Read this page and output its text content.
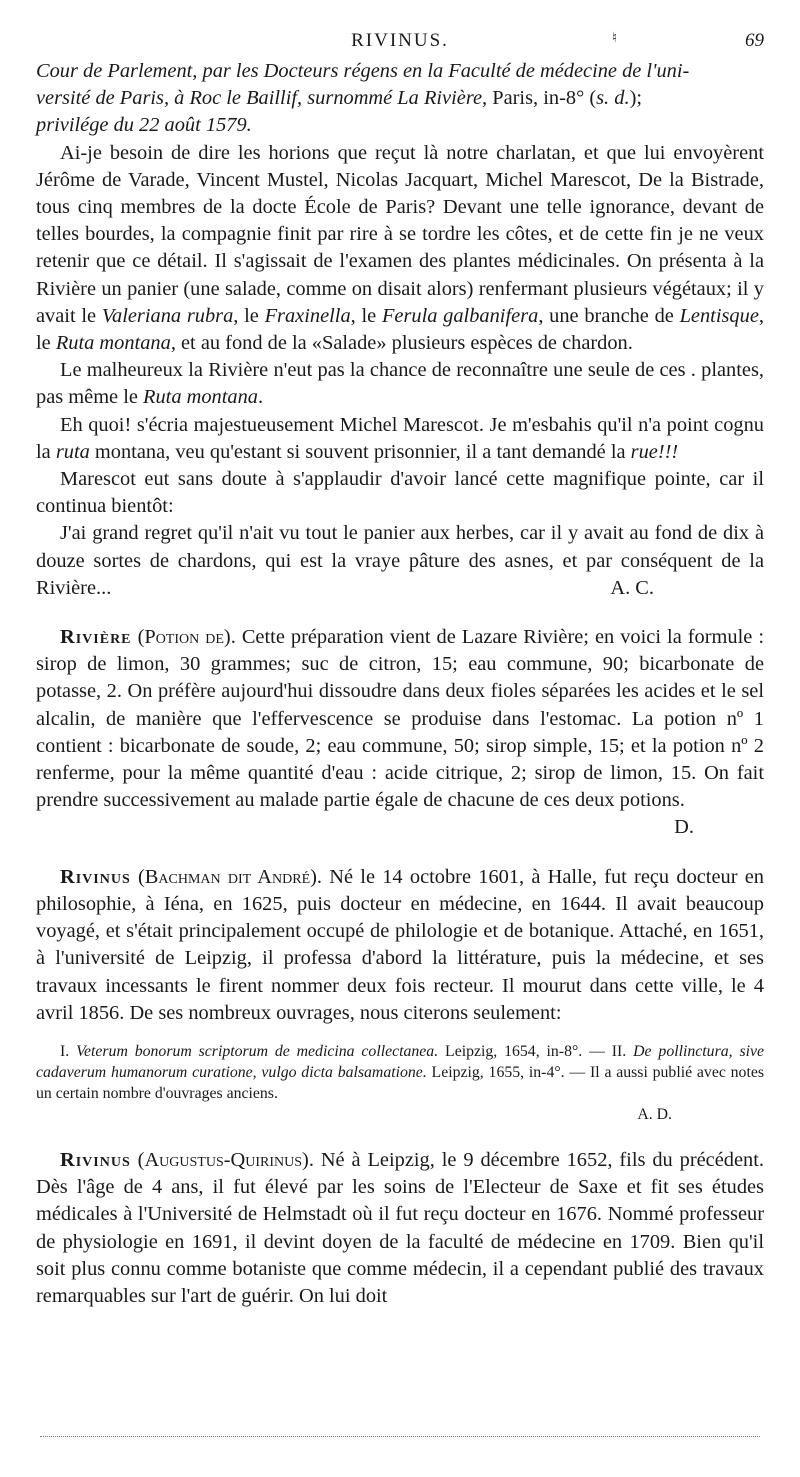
RIVINUS.	♮	69

Cour de Parlement, par les Docteurs régens en la Faculté de médecine de l'uni-

versité de Paris, à Roc le Baillif, surnommé La Rivière, Paris, in-8° (s. d.);

privilége du 22 août 1579.

Ai-je besoin de dire les horions que reçut là notre charlatan, et que lui envoyèrent Jérôme de Varade, Vincent Mustel, Nicolas Jacquart, Michel Marescot, De la Bistrade, tous cinq membres de la docte École de Paris? Devant une telle ignorance, devant de telles bourdes, la compagnie finit par rire à se tordre les côtes, et de cette fin je ne veux retenir que ce détail. Il s'agissait de l'examen des plantes médicinales. On présenta à la Rivière un panier (une salade, comme on disait alors) renfermant plusieurs végétaux; il y avait le Valeriana rubra, le Fraxinella, le Ferula galbanifera, une branche de Lentisque, le Ruta montana, et au fond de la «Salade» plusieurs espèces de chardon.

Le malheureux la Rivière n'eut pas la chance de reconnaître une seule de ces . plantes, pas même le Ruta montana.

Eh quoi! s'écria majestueusement Michel Marescot. Je m'esbahis qu'il n'a point cognu la ruta montana, veu qu'estant si souvent prisonnier, il a tant demandé la rue!!!

Marescot eut sans doute à s'applaudir d'avoir lancé cette magnifique pointe, car il continua bientôt:

J'ai grand regret qu'il n'ait vu tout le panier aux herbes, car il y avait au fond de dix à douze sortes de chardons, qui est la vraye pâture des asnes, et par conséquent de la Rivière...	A. C.

Rivière (Potion de). Cette préparation vient de Lazare Rivière; en voici la formule : sirop de limon, 30 grammes; suc de citron, 15; eau commune, 90; bicarbonate de potasse, 2. On préfère aujourd'hui dissoudre dans deux fioles séparées les acides et le sel alcalin, de manière que l'effervescence se produise dans l'estomac. La potion nº 1 contient : bicarbonate de soude, 2; eau commune, 50; sirop simple, 15; et la potion nº 2 renferme, pour la même quantité d'eau : acide citrique, 2; sirop de limon, 15. On fait prendre successivement au malade partie égale de chacune de ces deux potions.
D.

Rivinus (Bachman dit André). Né le 14 octobre 1601, à Halle, fut reçu docteur en philosophie, à Iéna, en 1625, puis docteur en médecine, en 1644. Il avait beaucoup voyagé, et s'était principalement occupé de philologie et de botanique. Attaché, en 1651, à l'université de Leipzig, il professa d'abord la littérature, puis la médecine, et ses travaux incessants le firent nommer deux fois recteur. Il mourut dans cette ville, le 4 avril 1856. De ses nombreux ouvrages, nous citerons seulement:

I. Veterum bonorum scriptorum de medicina collectanea. Leipzig, 1654, in-8°. — II. De pollinctura, sive cadaverum humanorum curatione, vulgo dicta balsamatione. Leipzig, 1655, in-4°. — Il a aussi publié avec notes un certain nombre d'ouvrages anciens.

A. D.

Rivinus (Augustus-Quirinus). Né à Leipzig, le 9 décembre 1652, fils du précédent. Dès l'âge de 4 ans, il fut élevé par les soins de l'Electeur de Saxe et fit ses études médicales à l'Université de Helmstadt où il fut reçu docteur en 1676. Nommé professeur de physiologie en 1691, il devint doyen de la faculté de médecine en 1709. Bien qu'il soit plus connu comme botaniste que comme médecin, il a cependant publié des travaux remarquables sur l'art de guérir. On lui doit
